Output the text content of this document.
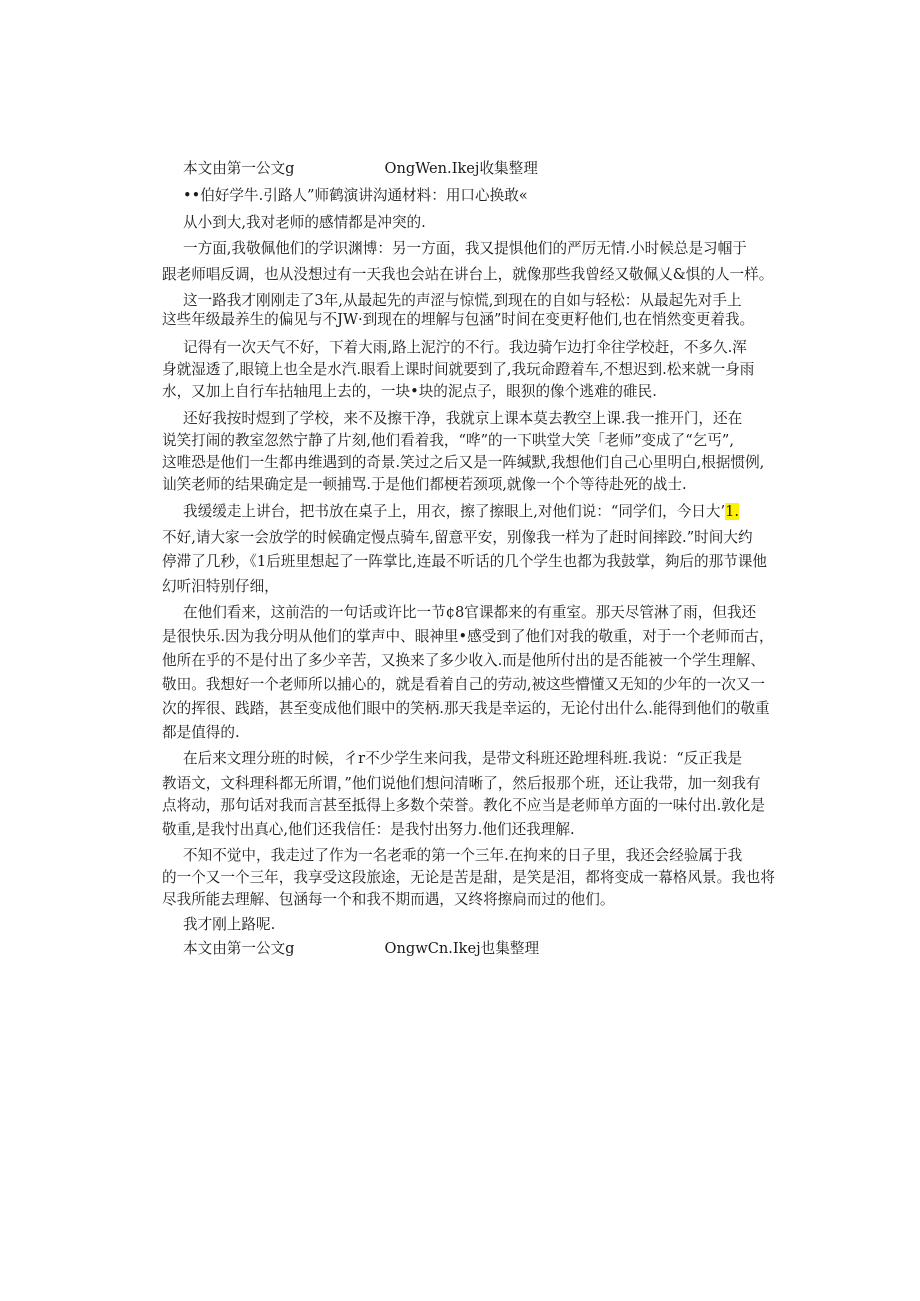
本文由第一公文g	OngWen.Ikej收集整理
••伯好学牛.引路人”师鹤演讲沟通材料：用口心换敢«
从小到大,我对老师的感情都是冲突的.
一方面,我敬佩他们的学识渊博：另一方面，我又提惧他们的严厉无情.小时候总是习帼于
跟老师唱反调，也从没想过有一天我也会站在讲台上，就像那些我曾经又敬佩乂&惧的人一样。
这一路我才刚刚走了3年,从最起先的声涩与惊慌,到现在的自如与轻松：从最起先对手上
这些年级最养生的偏见与不JW·到现在的埋解与包涵”时间在变更籽他们,也在悄然变更着我。
记得有一次天气不好，下着大雨,路上泥泞的不行。我边骑乍边打伞往学校赶，不多久.浑
身就湿透了,眼镜上也全是水汽.眼看上课时间就要到了,我玩命蹬着车,不想迟到.松来就一身雨
水，又加上自行车拈轴甩上去的，一块•块的泥点子，眼狈的像个逃难的碓民.
还好我按时煜到了学校，来不及擦干净，我就京上课本莫去教空上课.我一推开门，还在
说笑打闹的教室忽然宁静了片刻,他们看着我，“哗”的一下哄堂大笑「老师”变成了“乞丐”,
这唯恐是他们一生都冉维遇到的奇景.笑过之后又是一阵缄默,我想他们自己心里明白,根据惯例,
讪笑老师的结果确定是一顿捕骂.于是他们都梗若颈项,就像一个个等待赴死的战士.
我缓缓走上讲台，把书放在桌子上，用衣，擦了擦眼上,对他们说：“同学们，今日大’1.
不好,请大家一会放学的时候确定慢点骑车,留意平安，别像我一样为了赶时间摔跤.”时间大约
停滞了几秒，《1后班里想起了一阵掌比,连最不听话的几个学生也都为我鼓掌，夠后的那节课他
幻听汨特别仔细，
在他们看来，这前浩的一句话或许比一节¢8官课都来的有重室。那天尽管淋了雨，但我还
是很快乐.因为我分明从他们的掌声中、眼神里•感受到了他们对我的敬重，对于一个老师而古，
他所在乎的不是付出了多少辛苦，又换来了多少收入.而是他所付出的是否能被一个学生理解、
敬田。我想好一个老师所以捕心的，就是看着自己的劳动,被这些懵懂又无知的少年的一次又一
次的挥很、践踏，甚至变成他们眼中的笑柄.那天我是幸运的，无论付出什么.能得到他们的敬重
都是值得的.
在后来文理分班的时候，彳r不少学生来问我，是带文科班还跄埋科班.我说：“反正我是
教语文，文科理科都无所谓，”他们说他们想问清晰了，然后报那个班，还让我带，加一刻我有
点将动，那句话对我而言甚至抵得上多数个荣誉。教化不应当是老师单方面的一味付出.敦化是
敬重,是我忖出真心,他们还我信任：是我忖出努力.他们还我理解.
不知不觉中，我走过了作为一名老乖的第一个三年.在拘来的日子里，我还会经验属于我
的一个又一个三年，我享受这段旅途，无论是苦是甜，是笑是泪，都将变成一幕格风景。我也将
尽我所能去理解、包涵每一个和我不期而遇，又终将擦扃而过的他们。
我才刚上路呢.
本文由第一公文g	OngwCn.Ikej也集整理
